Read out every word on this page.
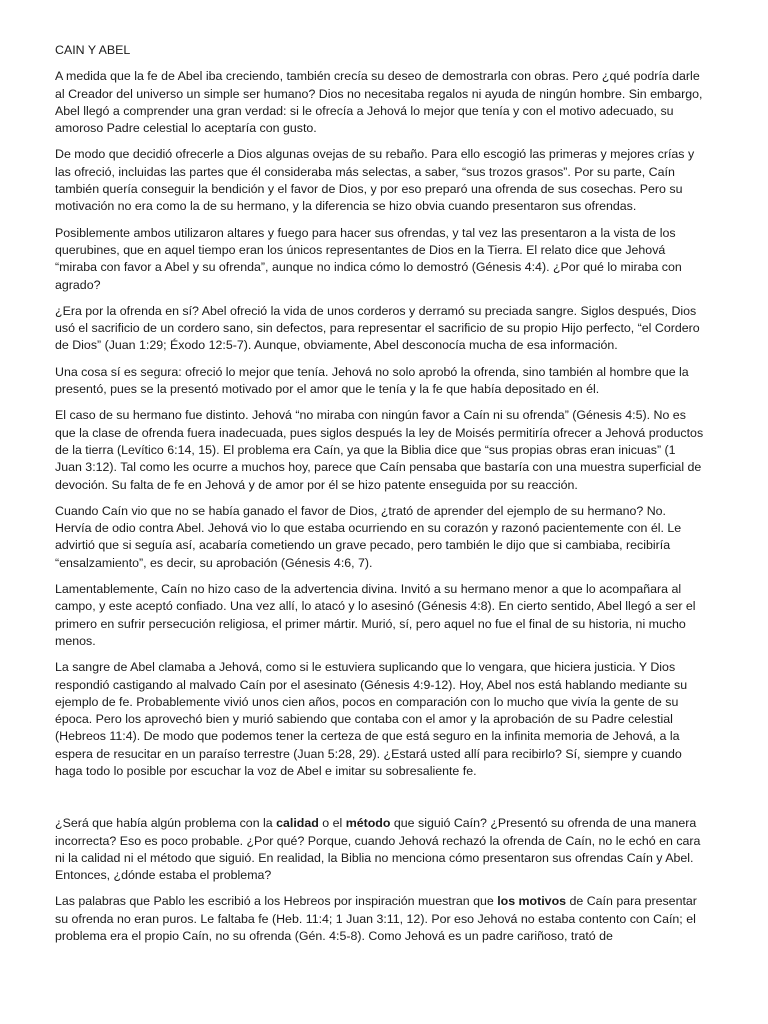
CAIN Y ABEL

A medida que la fe de Abel iba creciendo, también crecía su deseo de demostrarla con obras. Pero ¿qué podría darle al Creador del universo un simple ser humano? Dios no necesitaba regalos ni ayuda de ningún hombre. Sin embargo, Abel llegó a comprender una gran verdad: si le ofrecía a Jehová lo mejor que tenía y con el motivo adecuado, su amoroso Padre celestial lo aceptaría con gusto.

De modo que decidió ofrecerle a Dios algunas ovejas de su rebaño. Para ello escogió las primeras y mejores crías y las ofreció, incluidas las partes que él consideraba más selectas, a saber, “sus trozos grasos”. Por su parte, Caín también quería conseguir la bendición y el favor de Dios, y por eso preparó una ofrenda de sus cosechas. Pero su motivación no era como la de su hermano, y la diferencia se hizo obvia cuando presentaron sus ofrendas.

Posiblemente ambos utilizaron altares y fuego para hacer sus ofrendas, y tal vez las presentaron a la vista de los querubines, que en aquel tiempo eran los únicos representantes de Dios en la Tierra. El relato dice que Jehová “miraba con favor a Abel y su ofrenda”, aunque no indica cómo lo demostró (Génesis 4:4). ¿Por qué lo miraba con agrado?

¿Era por la ofrenda en sí? Abel ofreció la vida de unos corderos y derramó su preciada sangre. Siglos después, Dios usó el sacrificio de un cordero sano, sin defectos, para representar el sacrificio de su propio Hijo perfecto, “el Cordero de Dios” (Juan 1:29; Éxodo 12:5-7). Aunque, obviamente, Abel desconocía mucha de esa información.

Una cosa sí es segura: ofreció lo mejor que tenía. Jehová no solo aprobó la ofrenda, sino también al hombre que la presentó, pues se la presentó motivado por el amor que le tenía y la fe que había depositado en él.

El caso de su hermano fue distinto. Jehová “no miraba con ningún favor a Caín ni su ofrenda” (Génesis 4:5). No es que la clase de ofrenda fuera inadecuada, pues siglos después la ley de Moisés permitiría ofrecer a Jehová productos de la tierra (Levítico 6:14, 15). El problema era Caín, ya que la Biblia dice que “sus propias obras eran inicuas” (1 Juan 3:12). Tal como les ocurre a muchos hoy, parece que Caín pensaba que bastaría con una muestra superficial de devoción. Su falta de fe en Jehová y de amor por él se hizo patente enseguida por su reacción.

Cuando Caín vio que no se había ganado el favor de Dios, ¿trató de aprender del ejemplo de su hermano? No. Hervía de odio contra Abel. Jehová vio lo que estaba ocurriendo en su corazón y razonó pacientemente con él. Le advirtió que si seguía así, acabaría cometiendo un grave pecado, pero también le dijo que si cambiaba, recibiría “ensalzamiento”, es decir, su aprobación (Génesis 4:6, 7).

Lamentablemente, Caín no hizo caso de la advertencia divina. Invitó a su hermano menor a que lo acompañara al campo, y este aceptó confiado. Una vez allí, lo atacó y lo asesinó (Génesis 4:8). En cierto sentido, Abel llegó a ser el primero en sufrir persecución religiosa, el primer mártir. Murió, sí, pero aquel no fue el final de su historia, ni mucho menos.

La sangre de Abel clamaba a Jehová, como si le estuviera suplicando que lo vengara, que hiciera justicia. Y Dios respondió castigando al malvado Caín por el asesinato (Génesis 4:9-12). Hoy, Abel nos está hablando mediante su ejemplo de fe. Probablemente vivió unos cien años, pocos en comparación con lo mucho que vivía la gente de su época. Pero los aprovechó bien y murió sabiendo que contaba con el amor y la aprobación de su Padre celestial (Hebreos 11:4). De modo que podemos tener la certeza de que está seguro en la infinita memoria de Jehová, a la espera de resucitar en un paraíso terrestre (Juan 5:28, 29). ¿Estará usted allí para recibirlo? Sí, siempre y cuando haga todo lo posible por escuchar la voz de Abel e imitar su sobresaliente fe.

¿Será que había algún problema con la calidad o el método que siguió Caín? ¿Presentó su ofrenda de una manera incorrecta? Eso es poco probable. ¿Por qué? Porque, cuando Jehová rechazó la ofrenda de Caín, no le echó en cara ni la calidad ni el método que siguió. En realidad, la Biblia no menciona cómo presentaron sus ofrendas Caín y Abel. Entonces, ¿dónde estaba el problema?

Las palabras que Pablo les escribió a los Hebreos por inspiración muestran que los motivos de Caín para presentar su ofrenda no eran puros. Le faltaba fe (Heb. 11:4; 1 Juan 3:11, 12). Por eso Jehová no estaba contento con Caín; el problema era el propio Caín, no su ofrenda (Gén. 4:5-8). Como Jehová es un padre cariñoso, trató de
